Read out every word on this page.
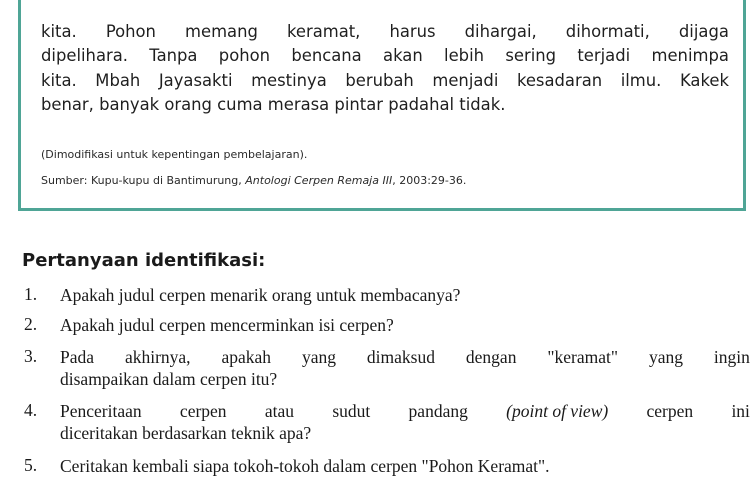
kita. Pohon memang keramat, harus dihargai, dihormati, dijaga
dipelihara. Tanpa pohon bencana akan lebih sering terjadi menimpa
kita. Mbah Jayasakti mestinya berubah menjadi kesadaran ilmu. Kakek
benar, banyak orang cuma merasa pintar padahal tidak.
(Dimodifikasi untuk kepentingan pembelajaran).
Sumber: Kupu-kupu di Bantimurung, Antologi Cerpen Remaja III, 2003:29-36.
Pertanyaan identifikasi:
1. Apakah judul cerpen menarik orang untuk membacanya?
2. Apakah judul cerpen mencerminkan isi cerpen?
3. Pada akhirnya, apakah yang dimaksud dengan "keramat" yang ingin
disampaikan dalam cerpen itu?
4. Penceritaan cerpen atau sudut pandang (point of view) cerpen ini
diceritakan berdasarkan teknik apa?
5. Ceritakan kembali siapa tokoh-tokoh dalam cerpen "Pohon Keramat".
